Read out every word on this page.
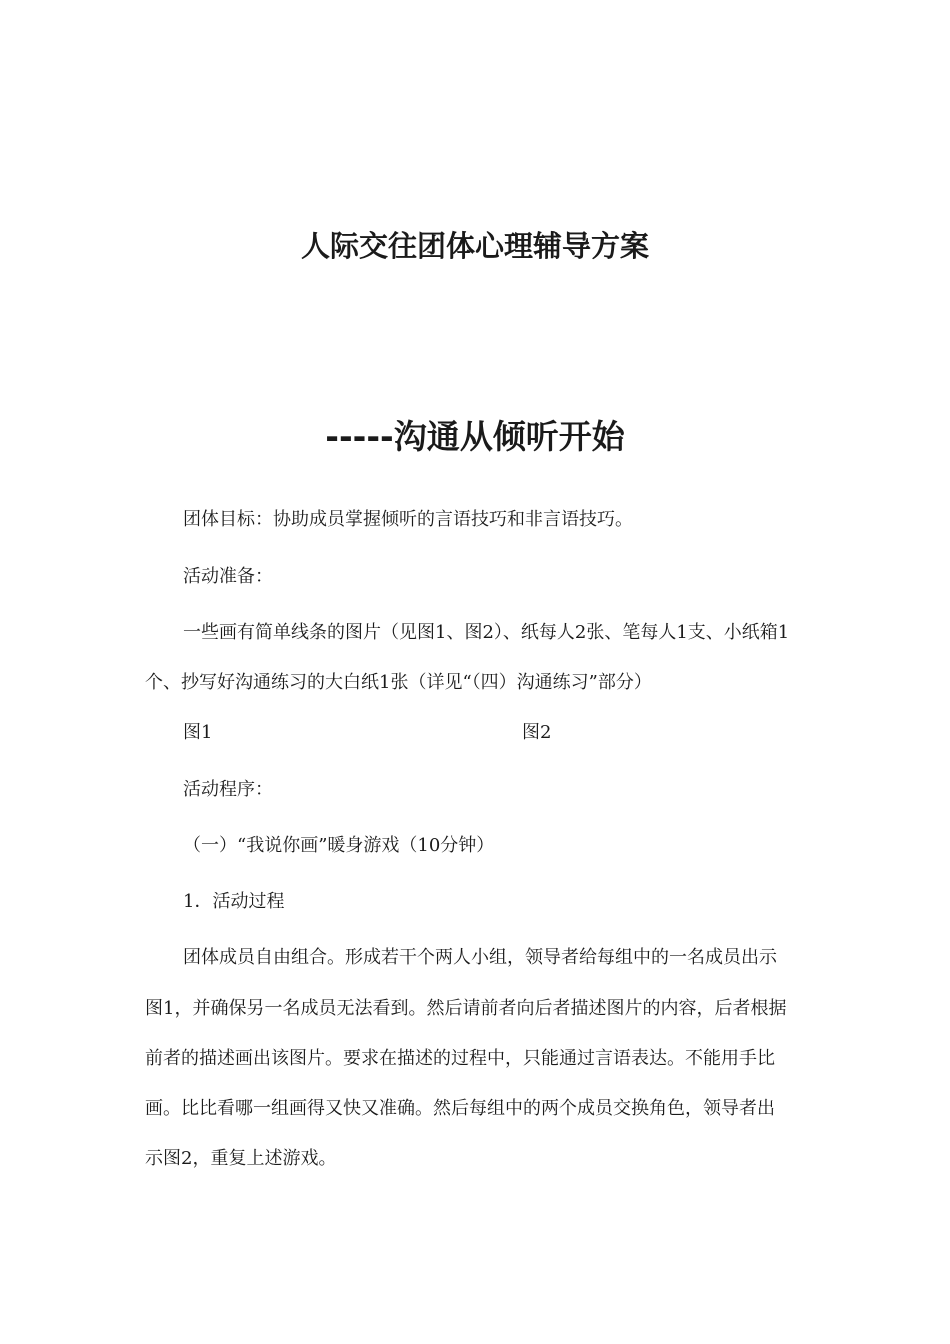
人际交往团体心理辅导方案
-----沟通从倾听开始
团体目标：协助成员掌握倾听的言语技巧和非言语技巧。
活动准备：
一些画有简单线条的图片（见图1、图2）、纸每人2张、笔每人1支、小纸箱1
个、抄写好沟通练习的大白纸1张（详见“（四）沟通练习”部分）
图1	图2
活动程序：
（一）“我说你画”暖身游戏（10分钟）
1．活动过程
团体成员自由组合。形成若干个两人小组，领导者给每组中的一名成员出示
图1，并确保另一名成员无法看到。然后请前者向后者描述图片的内容，后者根据
前者的描述画出该图片。要求在描述的过程中，只能通过言语表达。不能用手比
画。比比看哪一组画得又快又准确。然后每组中的两个成员交换角色，领导者出
示图2，重复上述游戏。
